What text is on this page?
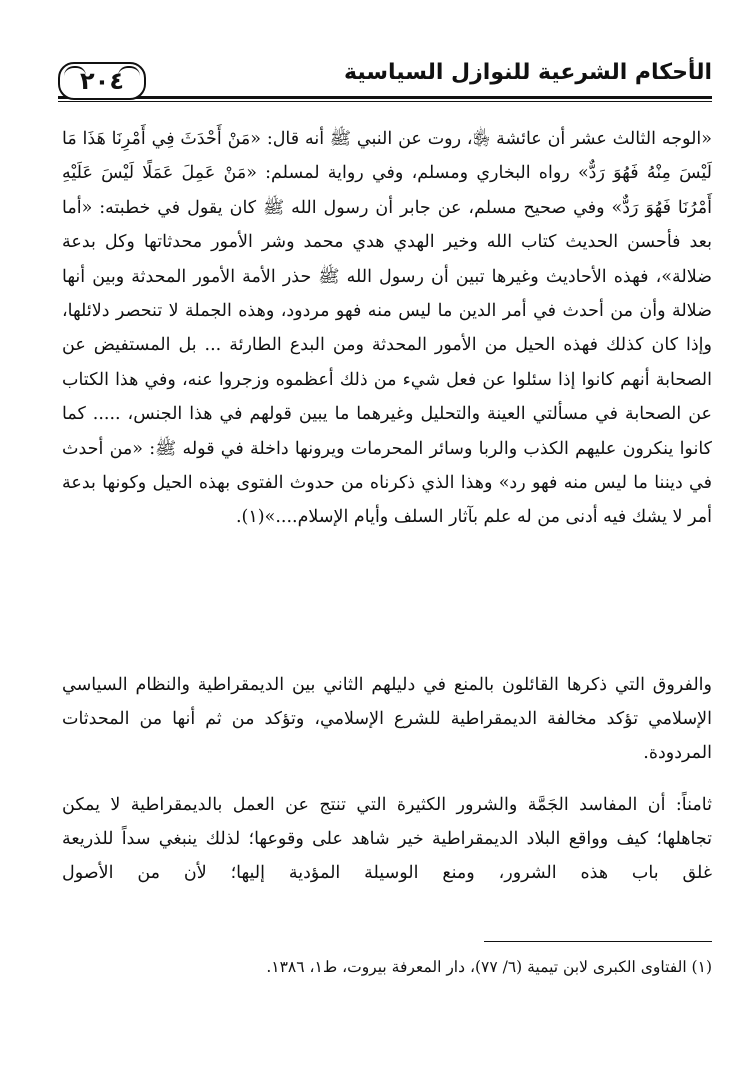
الأحكام الشرعية للنوازل السياسية
٢٠٤
«الوجه الثالث عشر أن عائشة ﵂، روت عن النبي ﷺ أنه قال: «مَنْ أَحْدَثَ فِي أَمْرِنَا هَذَا مَا لَيْسَ مِنْهُ فَهُوَ رَدٌّ» رواه البخاري ومسلم، وفي رواية لمسلم: «مَنْ عَمِلَ عَمَلًا لَيْسَ عَلَيْهِ أَمْرُنَا فَهُوَ رَدٌّ» وفي صحيح مسلم، عن جابر أن رسول الله ﷺ كان يقول في خطبته: «أما بعد فأحسن الحديث كتاب الله وخير الهدي هدي محمد وشر الأمور محدثاتها وكل بدعة ضلالة»، فهذه الأحاديث وغيرها تبين أن رسول الله ﷺ حذر الأمة الأمور المحدثة وبين أنها ضلالة وأن من أحدث في أمر الدين ما ليس منه فهو مردود، وهذه الجملة لا تنحصر دلائلها، وإذا كان كذلك فهذه الحيل من الأمور المحدثة ومن البدع الطارئة ... بل المستفيض عن الصحابة أنهم كانوا إذا سئلوا عن فعل شيء من ذلك أعظموه وزجروا عنه، وفي هذا الكتاب عن الصحابة في مسألتي العينة والتحليل وغيرهما ما يبين قولهم في هذا الجنس، ..... كما كانوا ينكرون عليهم الكذب والربا وسائر المحرمات ويرونها داخلة في قوله ﷺ: «من أحدث في ديننا ما ليس منه فهو رد» وهذا الذي ذكرناه من حدوث الفتوى بهذه الحيل وكونها بدعة أمر لا يشك فيه أدنى من له علم بآثار السلف وأيام الإسلام....»(١).
والفروق التي ذكرها القائلون بالمنع في دليلهم الثاني بين الديمقراطية والنظام السياسي الإسلامي تؤكد مخالفة الديمقراطية للشرع الإسلامي، وتؤكد من ثم أنها من المحدثات المردودة.
ثامناً: أن المفاسد الجَمَّة والشرور الكثيرة التي تنتج عن العمل بالديمقراطية لا يمكن تجاهلها؛ كيف وواقع البلاد الديمقراطية خير شاهد على وقوعها؛ لذلك ينبغي سداً للذريعة غلق باب هذه الشرور، ومنع الوسيلة المؤدية إليها؛ لأن من الأصول
(١) الفتاوى الكبرى لابن تيمية (٦/ ٧٧)، دار المعرفة بيروت، ط١، ١٣٨٦.
